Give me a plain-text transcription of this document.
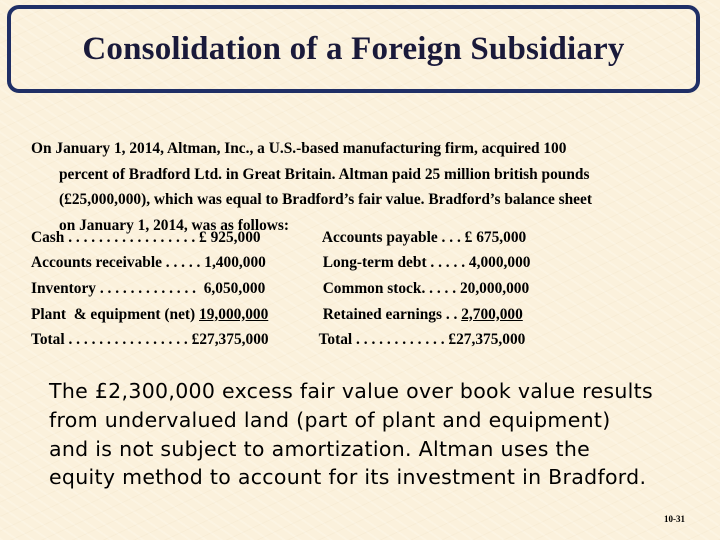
Consolidation of a Foreign Subsidiary
On January 1, 2014, Altman, Inc., a U.S.-based manufacturing firm, acquired 100
percent of Bradford Ltd. in Great Britain. Altman paid 25 million british pounds
(£25,000,000), which was equal to Bradford’s fair value. Bradford’s balance sheet
on January 1, 2014, was as follows:
Cash . . . . . . . . . . . . . . . . . £ 925,000	Accounts payable . . . £ 675,000
Accounts receivable . . . . . 1,400,000	Long-term debt . . . . . 4,000,000
Inventory . . . . . . . . . . . . .  6,050,000	Common stock. . . . . 20,000,000
Plant  & equipment (net) 19,000,000	Retained earnings . . 2,700,000
Total . . . . . . . . . . . . . . . . £27,375,000	Total . . . . . . . . . . . . £27,375,000
The £2,300,000 excess fair value over book value results
from undervalued land (part of plant and equipment)
and is not subject to amortization. Altman uses the
equity method to account for its investment in Bradford.
10-31
